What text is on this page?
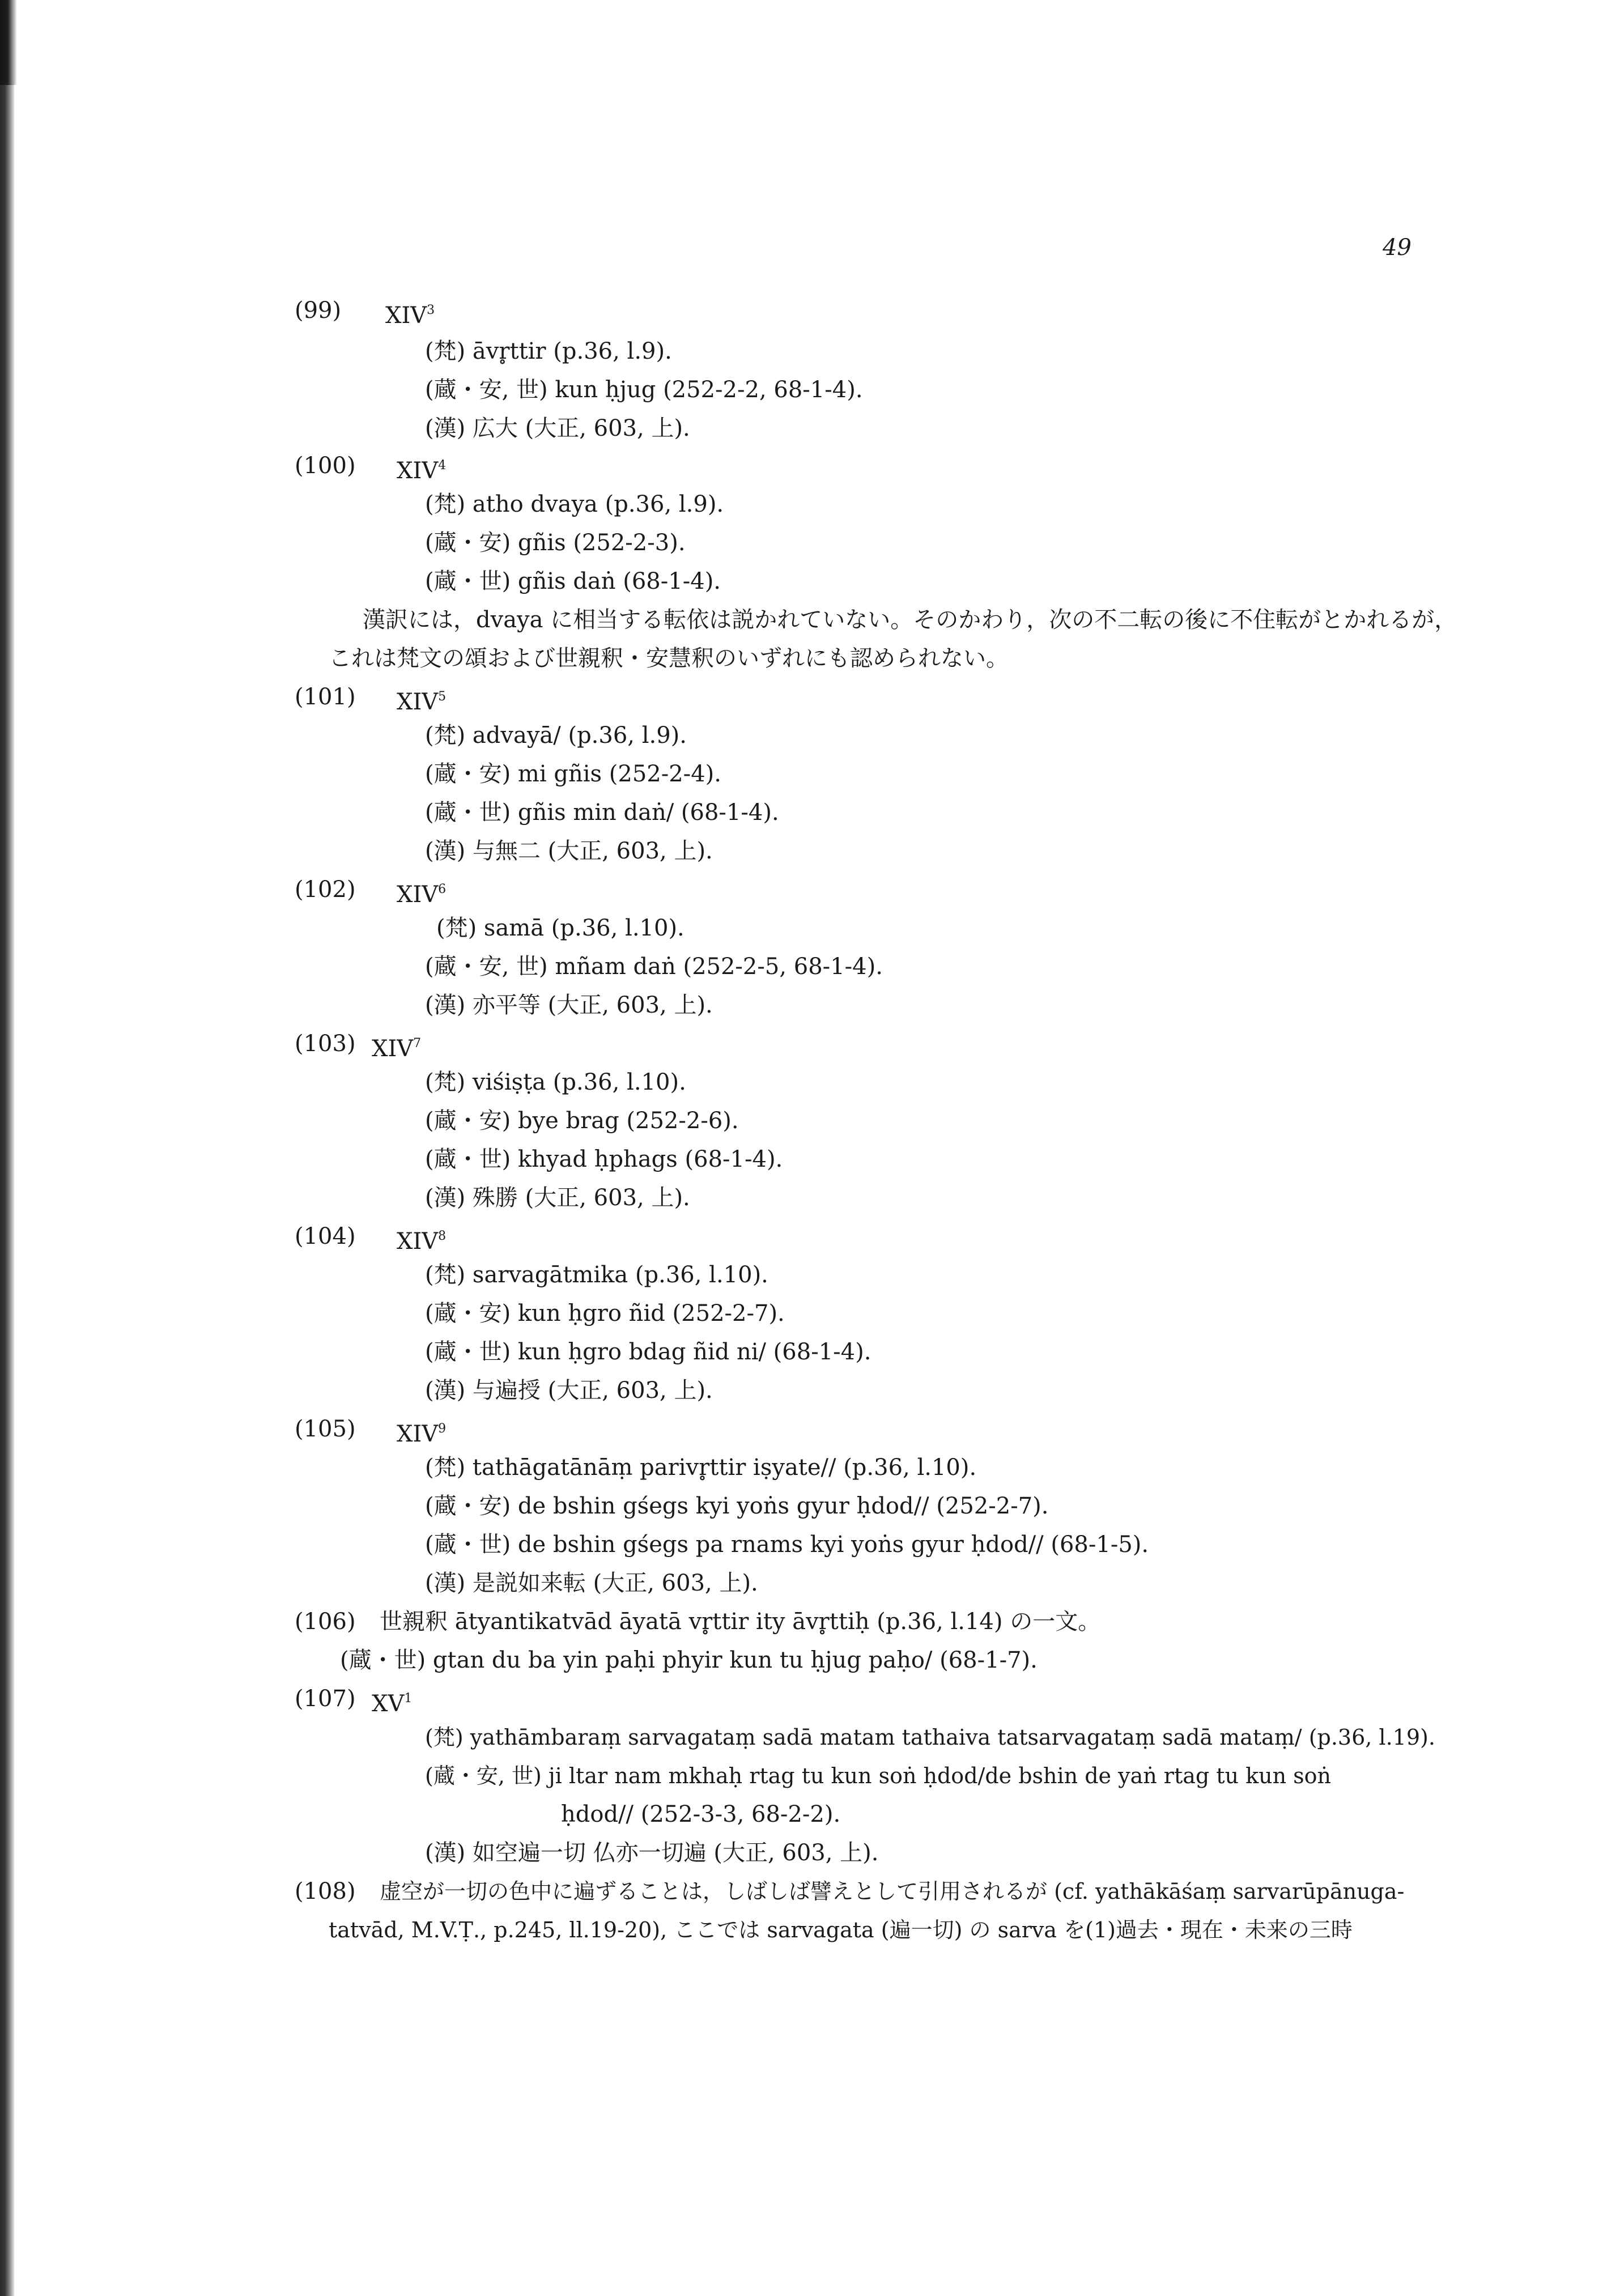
49
(99) XIV$^3$
(梵) āvr̥ttir (p.36, l.9).
(蔵・安, 世) kun ḥjug (252-2-2, 68-1-4).
(漢) 広大 (大正, 603, 上).
(100) XIV$^4$
(梵) atho dvaya (p.36, l.9).
(蔵・安) gñis (252-2-3).
(蔵・世) gñis daṅ (68-1-4).
漢訳には，dvaya に相当する転依は説かれていない。そのかわり，次の不二転の後に不住転がとかれるが，
これは梵文の頌および世親釈・安慧釈のいずれにも認められない。
(101) XIV$^5$
(梵) advayā/ (p.36, l.9).
(蔵・安) mi gñis (252-2-4).
(蔵・世) gñis min daṅ/ (68-1-4).
(漢) 与無二 (大正, 603, 上).
(102) XIV$^6$
(梵) samā (p.36, l.10).
(蔵・安, 世) mñam daṅ (252-2-5, 68-1-4).
(漢) 亦平等 (大正, 603, 上).
(103) XIV$^7$
(梵) viśiṣṭa (p.36, l.10).
(蔵・安) bye brag (252-2-6).
(蔵・世) khyad ḥphags (68-1-4).
(漢) 殊勝 (大正, 603, 上).
(104) XIV$^8$
(梵) sarvagātmika (p.36, l.10).
(蔵・安) kun ḥgro ñid (252-2-7).
(蔵・世) kun ḥgro bdag ñid ni/ (68-1-4).
(漢) 与遍授 (大正, 603, 上).
(105) XIV$^9$
(梵) tathāgatānāṃ parivr̥ttir iṣyate// (p.36, l.10).
(蔵・安) de bshin gśegs kyi yoṅs gyur ḥdod// (252-2-7).
(蔵・世) de bshin gśegs pa rnams kyi yoṅs gyur ḥdod// (68-1-5).
(漢) 是説如来転 (大正, 603, 上).
(106) 世親釈 ātyantikatvād āyatā vr̥ttir ity āvr̥ttiḥ (p.36, l.14) の一文。
(蔵・世) gtan du ba yin paḥi phyir kun tu ḥjug paḥo/ (68-1-7).
(107) $XV^1$
(梵) yathāmbaraṃ sarvagataṃ sadā matam tathaiva tatsarvagataṃ sadā mataṃ/ (p.36, l.19).
(蔵・安, 世) ji ltar nam mkhaḥ rtag tu kun soṅ ḥdod/de bshin de yaṅ rtag tu kun soṅ
ḥdod// (252-3-3, 68-2-2).
(漢) 如空遍一切 仏亦一切遍 (大正, 603, 上).
(108) 虚空が一切の色中に遍ずることは，しばしば譬えとして引用されるが (cf. yathākāśaṃ sarvarūpānuga-
tatvād, M.V.Ṭ., p.245, ll.19-20), ここでは sarvagata (遍一切) の sarva を(1)過去・現在・未来の三時
